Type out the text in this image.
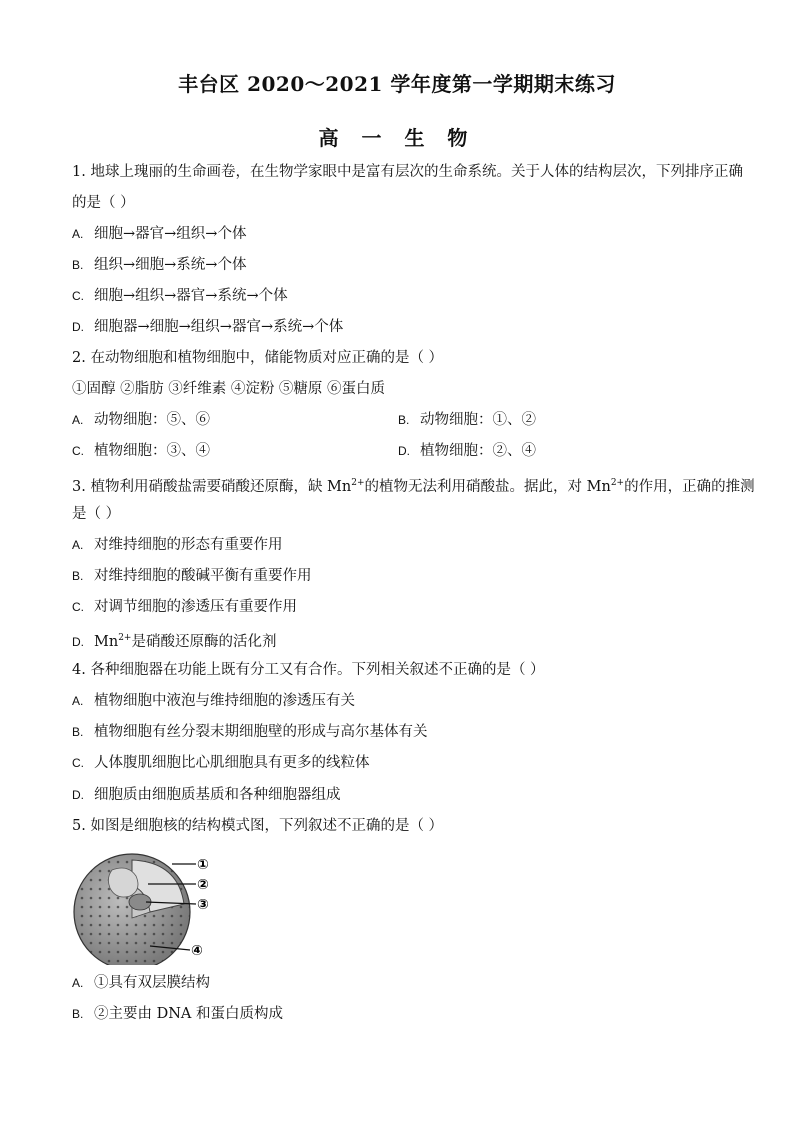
丰台区 2020～2021 学年度第一学期期末练习
高 一 生 物
1. 地球上瑰丽的生命画卷，在生物学家眼中是富有层次的生命系统。关于人体的结构层次，下列排序正确
的是（ ）
A. 细胞→器官→组织→个体
B. 组织→细胞→系统→个体
C. 细胞→组织→器官→系统→个体
D. 细胞器→细胞→组织→器官→系统→个体
2. 在动物细胞和植物细胞中，储能物质对应正确的是（ ）
①固醇 ②脂肪 ③纤维素 ④淀粉 ⑤糖原 ⑥蛋白质
A. 动物细胞：⑤、⑥	B. 动物细胞：①、②
C. 植物细胞：③、④	D. 植物细胞：②、④
3. 植物利用硝酸盐需要硝酸还原酶，缺 $Mn^{2+}$的植物无法利用硝酸盐。据此，对 $Mn^{2+}$的作用，正确的推测
是（ ）
A. 对维持细胞的形态有重要作用
B. 对维持细胞的酸碱平衡有重要作用
C. 对调节细胞的渗透压有重要作用
D. $Mn^{2+}$是硝酸还原酶的活化剂
4. 各种细胞器在功能上既有分工又有合作。下列相关叙述不正确的是（ ）
A. 植物细胞中液泡与维持细胞的渗透压有关
B. 植物细胞有丝分裂末期细胞壁的形成与高尔基体有关
C. 人体腹肌细胞比心肌细胞具有更多的线粒体
D. 细胞质由细胞质基质和各种细胞器组成
5. 如图是细胞核的结构模式图，下列叙述不正确的是（ ）
①
②
③
④
A. ①具有双层膜结构
B. ②主要由 DNA 和蛋白质构成
